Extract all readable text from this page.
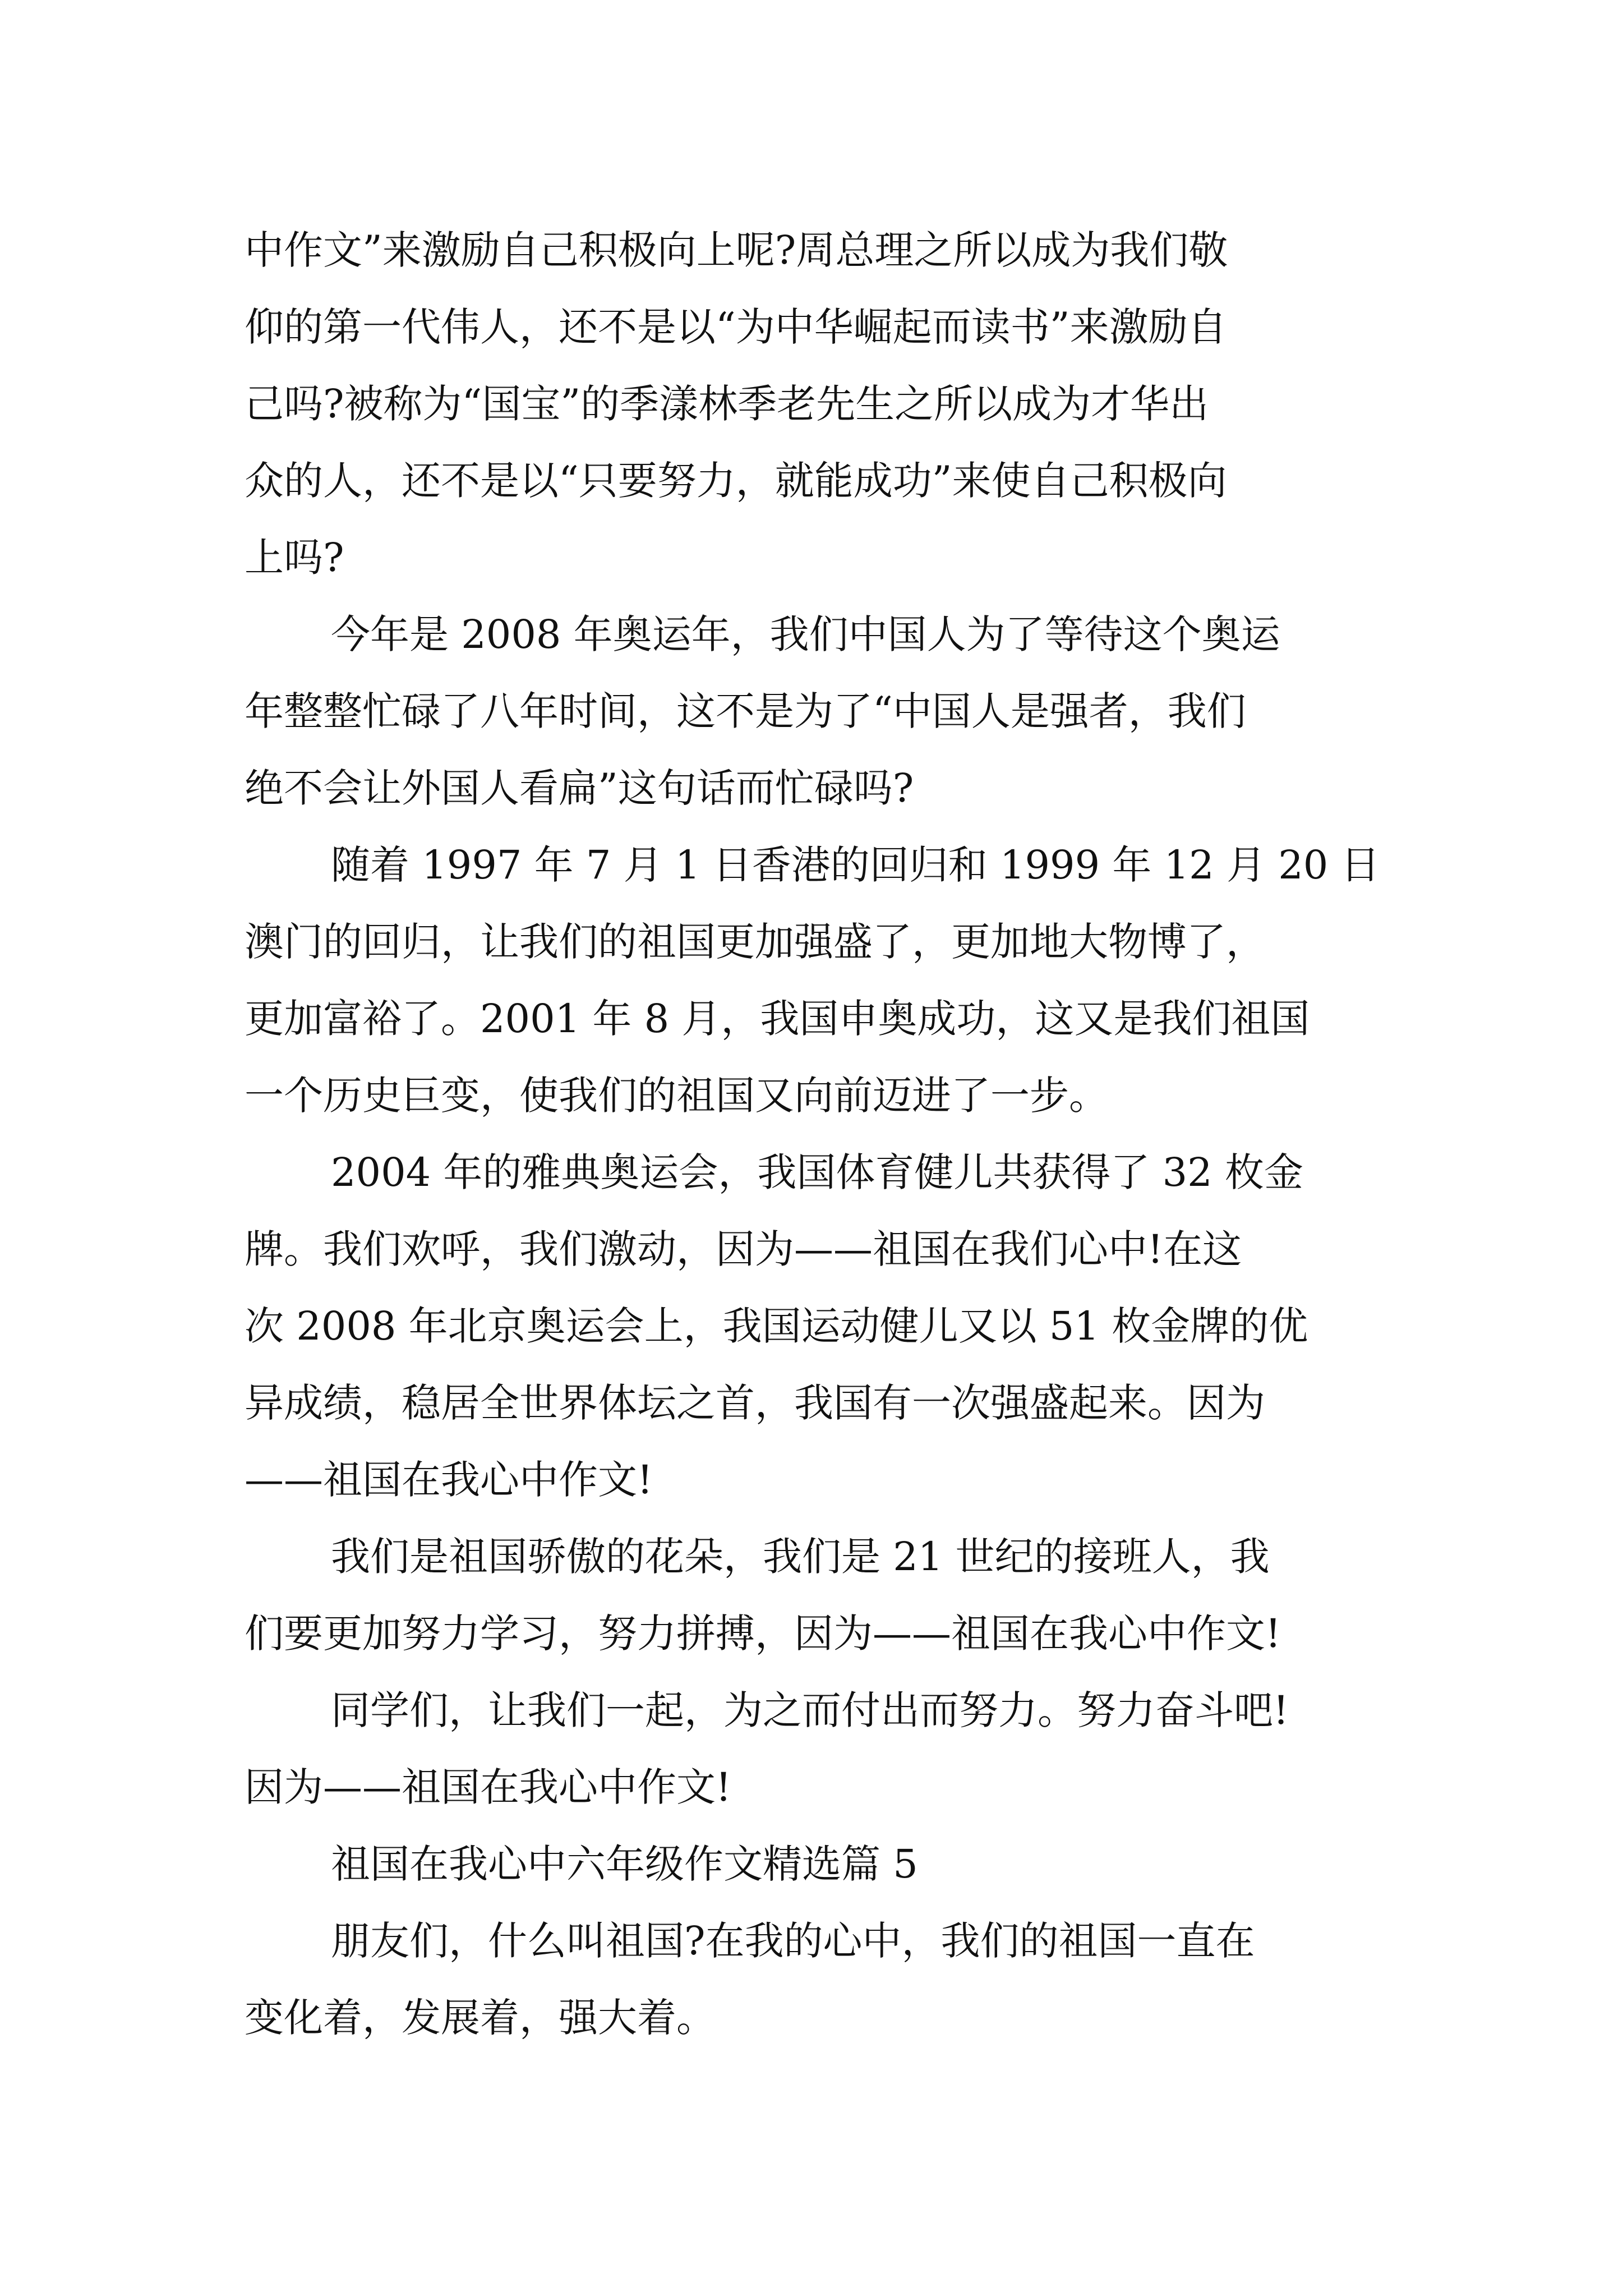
中作文”来激励自己积极向上呢?周总理之所以成为我们敬
仰的第一代伟人，还不是以“为中华崛起而读书”来激励自
己吗?被称为“国宝”的季漾林季老先生之所以成为才华出
众的人，还不是以“只要努力，就能成功”来使自己积极向
上吗?
今年是 2008 年奥运年，我们中国人为了等待这个奥运
年整整忙碌了八年时间，这不是为了“中国人是强者，我们
绝不会让外国人看扁”这句话而忙碌吗?
随着 1997 年 7 月 1 日香港的回归和 1999 年 12 月 20 日
澳门的回归，让我们的祖国更加强盛了，更加地大物博了，
更加富裕了。2001 年 8 月，我国申奥成功，这又是我们祖国
一个历史巨变，使我们的祖国又向前迈进了一步。
2004 年的雅典奥运会，我国体育健儿共获得了 32 枚金
牌。我们欢呼，我们激动，因为——祖国在我们心中!在这
次 2008 年北京奥运会上，我国运动健儿又以 51 枚金牌的优
异成绩，稳居全世界体坛之首，我国有一次强盛起来。因为
——祖国在我心中作文!
我们是祖国骄傲的花朵，我们是 21 世纪的接班人，我
们要更加努力学习，努力拼搏，因为——祖国在我心中作文!
同学们，让我们一起，为之而付出而努力。努力奋斗吧!
因为——祖国在我心中作文!
祖国在我心中六年级作文精选篇 5
朋友们，什么叫祖国?在我的心中，我们的祖国一直在
变化着，发展着，强大着。
